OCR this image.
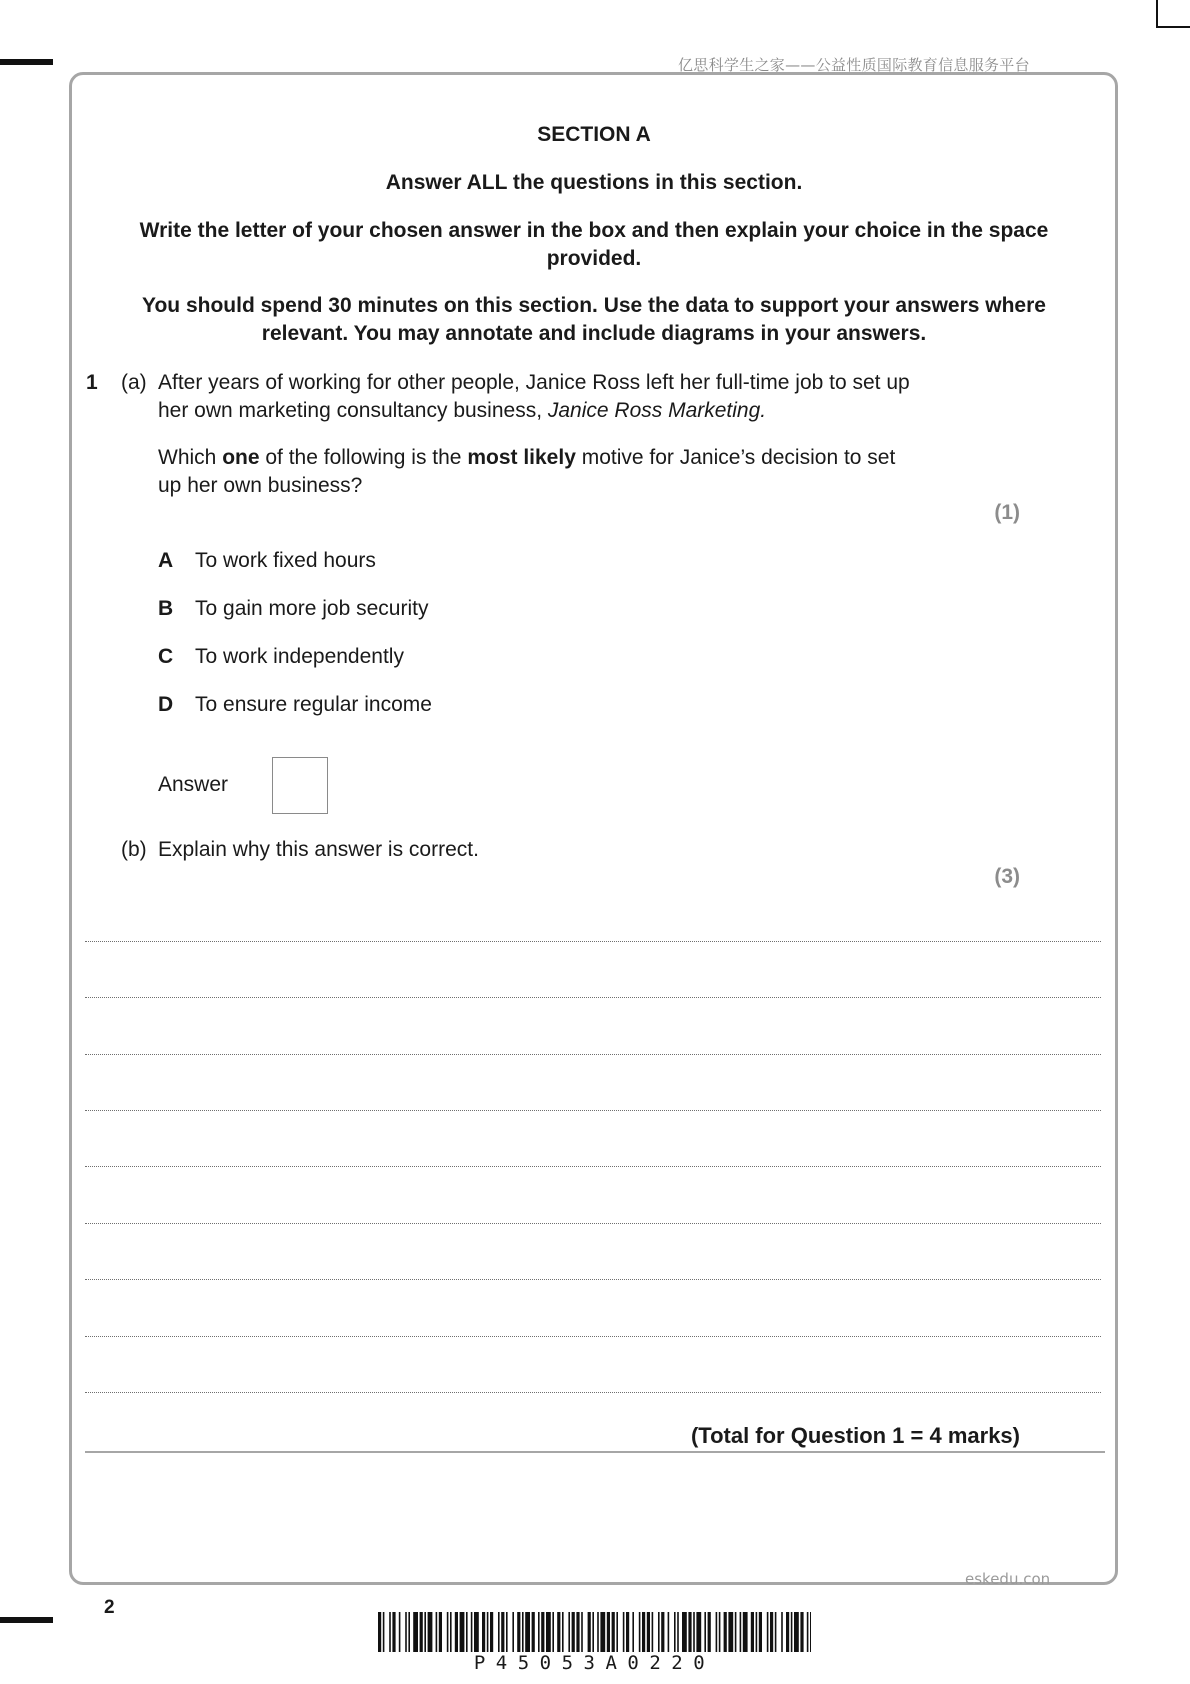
亿思科学生之家——公益性质国际教育信息服务平台
SECTION A
Answer ALL the questions in this section.
Write the letter of your chosen answer in the box and then explain your choice in the space
provided.
You should spend 30 minutes on this section. Use the data to support your answers where
relevant. You may annotate and include diagrams in your answers.
1 (a) After years of working for other people, Janice Ross left her full-time job to set up
her own marketing consultancy business, Janice Ross Marketing.
Which one of the following is the most likely motive for Janice’s decision to set
up her own business?
(1)
A To work fixed hours
B To gain more job security
C To work independently
D To ensure regular income
Answer
(b) Explain why this answer is correct.
(3)
(Total for Question 1 = 4 marks)
eskedu.con
2
P45053A0220
